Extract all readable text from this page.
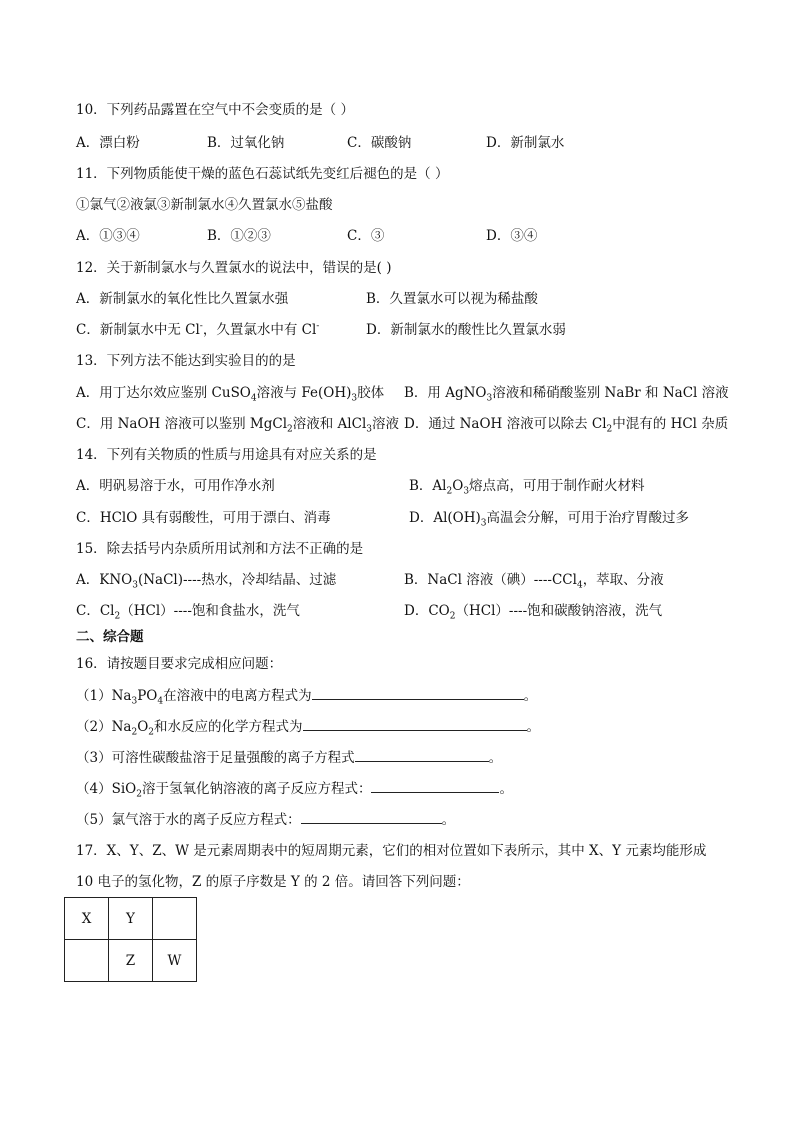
10．下列药品露置在空气中不会变质的是（ ）
A．漂白粉	B．过氧化钠	C．碳酸钠	D．新制氯水
11．下列物质能使干燥的蓝色石蕊试纸先变红后褪色的是（ ）
①氯气②液氯③新制氯水④久置氯水⑤盐酸
A．①③④	B．①②③	C．③	D．③④
12．关于新制氯水与久置氯水的说法中，错误的是( )
A．新制氯水的氧化性比久置氯水强	B．久置氯水可以视为稀盐酸
C．新制氯水中无 Cl-，久置氯水中有 Cl-	D．新制氯水的酸性比久置氯水弱
13．下列方法不能达到实验目的的是
A．用丁达尔效应鉴别 CuSO$_4$溶液与 $Fe(OH)_3$胶体 B．用 AgNO$_3$溶液和稀硝酸鉴别 NaBr 和 NaCl 溶液
C．用 NaOH 溶液可以鉴别 MgCl$_2$溶液和 AlCl$_3$溶液 D．通过 NaOH 溶液可以除去 $Cl_2$中混有的 HCl 杂质
14．下列有关物质的性质与用途具有对应关系的是
A．明矾易溶于水，可用作净水剂	B．$Al_2O_3$熔点高，可用于制作耐火材料
C．HClO 具有弱酸性，可用于漂白、消毒	D．$Al(OH)_3$高温会分解，可用于治疗胃酸过多
15．除去括号内杂质所用试剂和方法不正确的是
A．$KNO_3(NaCl)----$热水，冷却结晶、过滤	B．NaCl 溶液（碘）----CCl$_4$，萃取、分液
C．$Cl_2(HCl)----$饱和食盐水，洗气	D．$CO_2(HCl)----$饱和碳酸钠溶液，洗气
二、综合题
16．请按题目要求完成相应问题：
$(1)Na_3PO_4$在溶液中的电离方程式为	。
$(2)Na_2O_2$和水反应的化学方程式为	。
（3）可溶性碳酸盐溶于足量强酸的离子方程式	。
（4）SiO$_2$溶于氢氧化钠溶液的离子反应方程式：	。
（5）氯气溶于水的离子反应方程式：	。
17．X、Y、Z、W 是元素周期表中的短周期元素，它们的相对位置如下表所示，其中 X、Y 元素均能形成
10 电子的氢化物，Z 的原子序数是 Y 的 2 倍。请回答下列问题：
X	Y	
	Z	W
